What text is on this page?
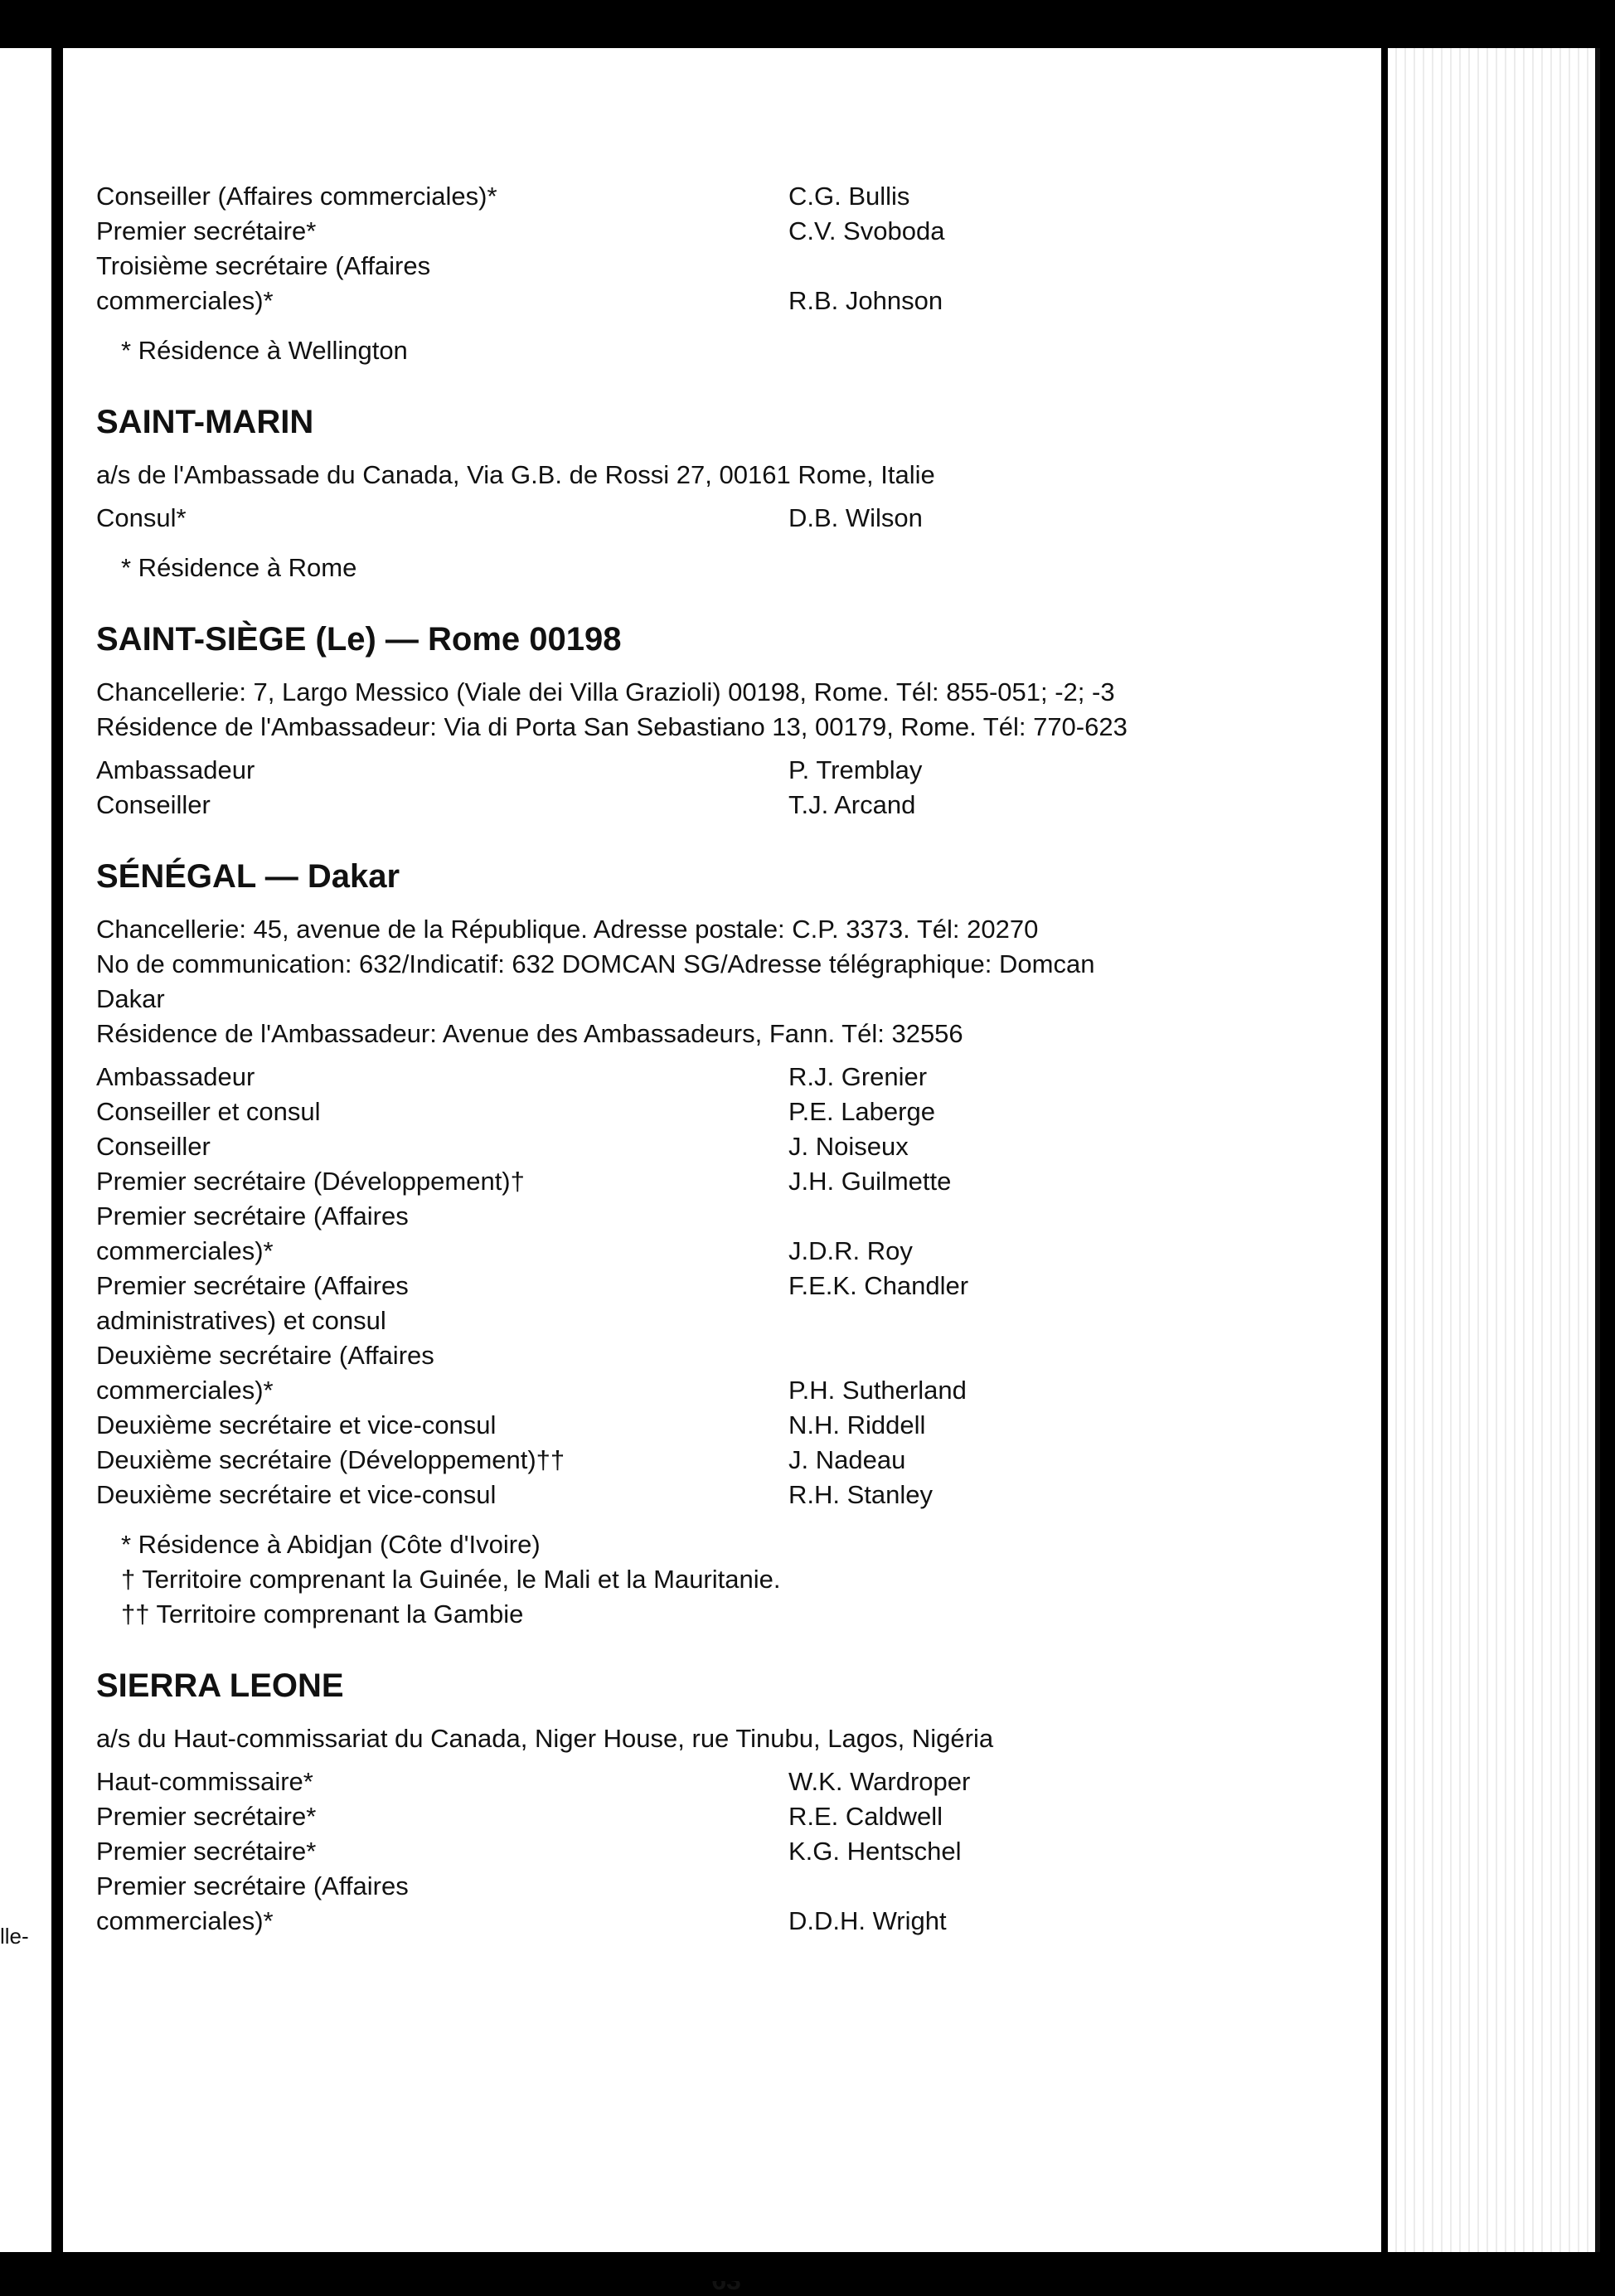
lle-
Conseiller (Affaires commerciales)*	C.G. Bullis
Premier secrétaire*	C.V. Svoboda
Troisième secrétaire (Affaires
commerciales)*	R.B. Johnson
* Résidence à Wellington
SAINT-MARIN
a/s de l'Ambassade du Canada, Via G.B. de Rossi 27, 00161 Rome, Italie
Consul*	D.B. Wilson
* Résidence à Rome
SAINT-SIÈGE (Le) — Rome 00198
Chancellerie: 7, Largo Messico (Viale dei Villa Grazioli) 00198, Rome. Tél: 855-051; -2; -3
Résidence de l'Ambassadeur: Via di Porta San Sebastiano 13, 00179, Rome. Tél: 770-623
Ambassadeur	P. Tremblay
Conseiller	T.J. Arcand
SÉNÉGAL — Dakar
Chancellerie: 45, avenue de la République. Adresse postale: C.P. 3373. Tél: 20270
No de communication: 632/Indicatif: 632 DOMCAN SG/Adresse télégraphique: Domcan
Dakar
Résidence de l'Ambassadeur: Avenue des Ambassadeurs, Fann. Tél: 32556
Ambassadeur	R.J. Grenier
Conseiller et consul	P.E. Laberge
Conseiller	J. Noiseux
Premier secrétaire (Développement)†	J.H. Guilmette
Premier secrétaire (Affaires
commerciales)*	J.D.R. Roy
Premier secrétaire (Affaires	F.E.K. Chandler
administratives) et consul
Deuxième secrétaire (Affaires
commerciales)*	P.H. Sutherland
Deuxième secrétaire et vice-consul	N.H. Riddell
Deuxième secrétaire (Développement)††	J. Nadeau
Deuxième secrétaire et vice-consul	R.H. Stanley
* Résidence à Abidjan (Côte d'Ivoire)
† Territoire comprenant la Guinée, le Mali et la Mauritanie.
†† Territoire comprenant la Gambie
SIERRA LEONE
a/s du Haut-commissariat du Canada, Niger House, rue Tinubu, Lagos, Nigéria
Haut-commissaire*	W.K. Wardroper
Premier secrétaire*	R.E. Caldwell
Premier secrétaire*	K.G. Hentschel
Premier secrétaire (Affaires
commerciales)*	D.D.H. Wright
